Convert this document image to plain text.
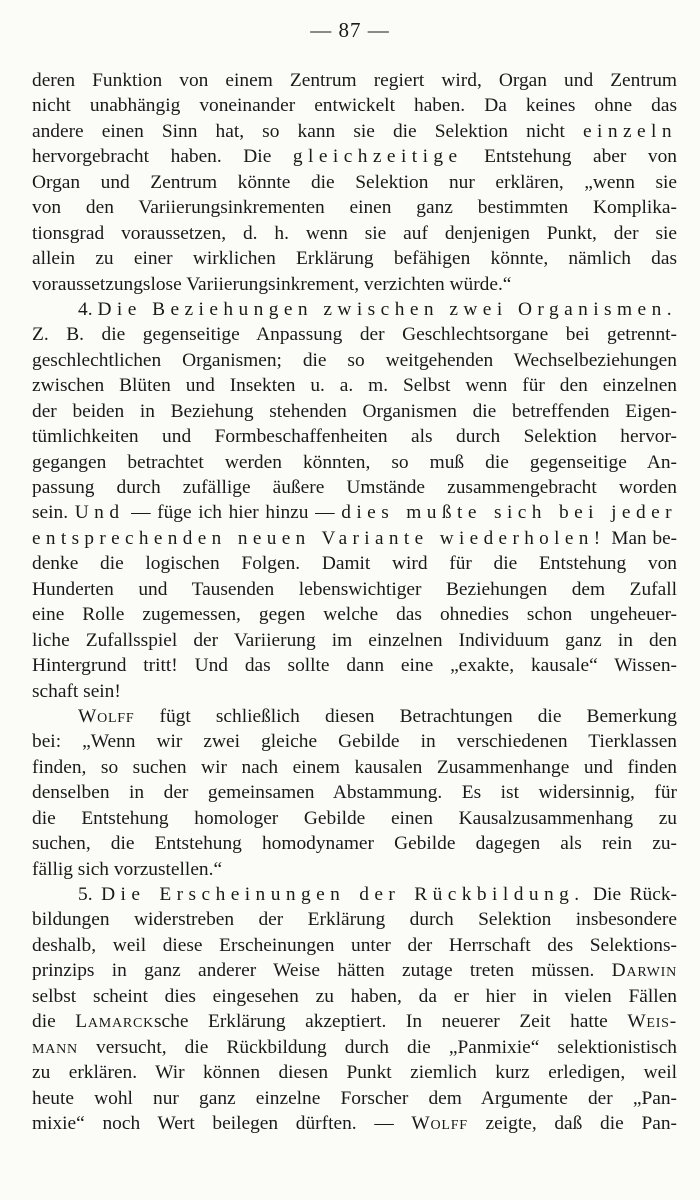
— 87 —
deren Funktion von einem Zentrum regiert wird, Organ und Zentrum
nicht unabhängig voneinander entwickelt haben. Da keines ohne das
andere einen Sinn hat, so kann sie die Selektion nicht einzeln
hervorgebracht haben. Die gleichzeitige Entstehung aber von
Organ und Zentrum könnte die Selektion nur erklären, „wenn sie
von den Variierungsinkrementen einen ganz bestimmten Komplika-
tionsgrad voraussetzen, d. h. wenn sie auf denjenigen Punkt, der sie
allein zu einer wirklichen Erklärung befähigen könnte, nämlich das
voraussetzungslose Variierungsinkrement, verzichten würde.“
4. Die Beziehungen zwischen zwei Organismen.
Z. B. die gegenseitige Anpassung der Geschlechtsorgane bei getrennt-
geschlechtlichen Organismen; die so weitgehenden Wechselbeziehungen
zwischen Blüten und Insekten u. a. m. Selbst wenn für den einzelnen
der beiden in Beziehung stehenden Organismen die betreffenden Eigen-
tümlichkeiten und Formbeschaffenheiten als durch Selektion hervor-
gegangen betrachtet werden könnten, so muß die gegenseitige An-
passung durch zufällige äußere Umstände zusammengebracht worden
sein. Und — füge ich hier hinzu — dies mußte sich bei jeder
entsprechenden neuen Variante wiederholen! Man be-
denke die logischen Folgen. Damit wird für die Entstehung von
Hunderten und Tausenden lebenswichtiger Beziehungen dem Zufall
eine Rolle zugemessen, gegen welche das ohnedies schon ungeheuer-
liche Zufallsspiel der Variierung im einzelnen Individuum ganz in den
Hintergrund tritt! Und das sollte dann eine „exakte, kausale“ Wissen-
schaft sein!
Wolff fügt schließlich diesen Betrachtungen die Bemerkung
bei: „Wenn wir zwei gleiche Gebilde in verschiedenen Tierklassen
finden, so suchen wir nach einem kausalen Zusammenhange und finden
denselben in der gemeinsamen Abstammung. Es ist widersinnig, für
die Entstehung homologer Gebilde einen Kausalzusammenhang zu
suchen, die Entstehung homodynamer Gebilde dagegen als rein zu-
fällig sich vorzustellen.“
5. Die Erscheinungen der Rückbildung. Die Rück-
bildungen widerstreben der Erklärung durch Selektion insbesondere
deshalb, weil diese Erscheinungen unter der Herrschaft des Selektions-
prinzips in ganz anderer Weise hätten zutage treten müssen. Darwin
selbst scheint dies eingesehen zu haben, da er hier in vielen Fällen
die Lamarcksche Erklärung akzeptiert. In neuerer Zeit hatte Weis-
mann versucht, die Rückbildung durch die „Panmixie“ selektionistisch
zu erklären. Wir können diesen Punkt ziemlich kurz erledigen, weil
heute wohl nur ganz einzelne Forscher dem Argumente der „Pan-
mixie“ noch Wert beilegen dürften. — Wolff zeigte, daß die Pan-
